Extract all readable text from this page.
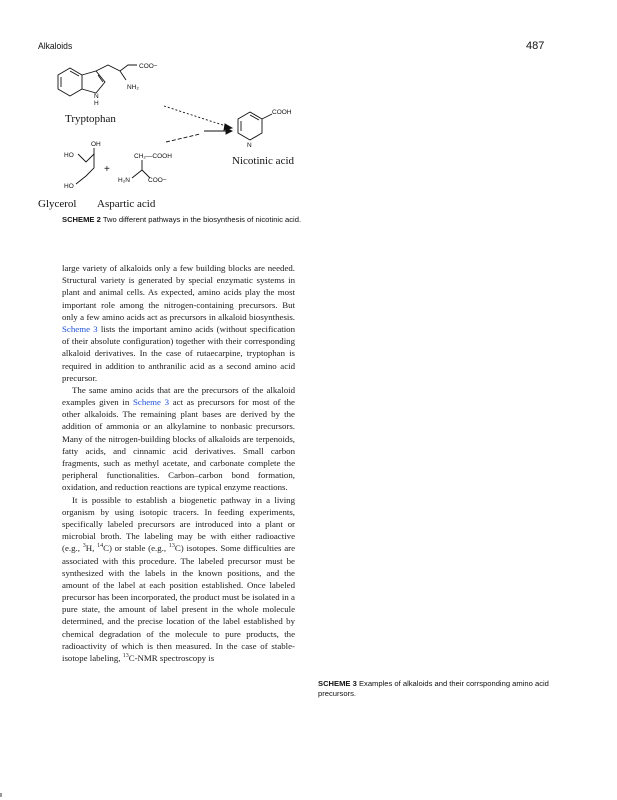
Alkaloids	487
COO−
NH₂
N
H
COOH
N
OH
HO
HO
+
CH₂—COOH
H₂N	COO−
Tryptophan
Glycerol Aspartic acid
Nicotinic acid
SCHEME 2 Two different pathways in the biosynthesis of nicotinic acid.

large variety of alkaloids only a few building blocks are needed. Structural variety is generated by special enzymatic systems in plant and animal cells. As expected, amino acids play the most important role among the nitrogen-containing precursors. But only a few amino acids act as precursors in alkaloid biosynthesis. Scheme 3 lists the important amino acids (without specification of their absolute configuration) together with their corresponding alkaloid derivatives. In the case of rutaecarpine, tryptophan is required in addition to anthranilic acid as a second amino acid precursor.

The same amino acids that are the precursors of the alkaloid examples given in Scheme 3 act as precursors for most of the other alkaloids. The remaining plant bases are derived by the addition of ammonia or an alkylamine to nonbasic precursors. Many of the nitrogen-building blocks of alkaloids are terpenoids, fatty acids, and cinnamic acid derivatives. Small carbon fragments, such as methyl acetate, and carbonate complete the peripheral functionalities. Carbon–carbon bond formation, oxidation, and reduction reactions are typical enzyme reactions.

It is possible to establish a biogenetic pathway in a living organism by using isotopic tracers. In feeding experiments, specifically labeled precursors are introduced into a plant or microbial broth. The labeling may be with either radioactive (e.g., $^3$H, $^{14}$C) or stable (e.g., $^{13}$C) isotopes. Some difficulties are associated with this procedure. The labeled precursor must be synthesized with the labels in the known positions, and the amount of the label at each position established. Once labeled precursor has been incorporated, the product must be isolated in a pure state, the amount of label present in the whole molecule determined, and the precise location of the label established by chemical degradation of the molecule to pure products, the radioactivity of which is then measured. In the case of stable-isotope labeling, $^{13}$C-NMR spectroscopy is

SCHEME 3 Examples of alkaloids and their corrsponding amino acid precursors.
